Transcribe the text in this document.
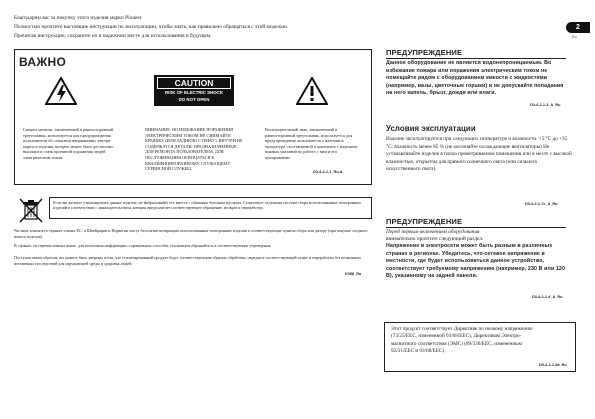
Благодарим вас за покупку этого изделия марки Pioneer.
Полностью прочтите настоящие инструкции по эксплуатации, чтобы знать, как правильно обращаться с этой моделью.
Прочитав инструкции, сохраните их в надежном месте для использования в будущем.
2
Ru
ВАЖНО
CAUTION
RISK OF ELECTRIC SHOCK
DO NOT OPEN
Символ молнии, заключенный в равносторонний треугольник, используется для предупреждения пользователя об «опасном напряжении» внутри корпуса изделия, которое может быть достаточно высоким и стать причиной поражения людей электрическим током.
ВНИМАНИЕ: ВО ИЗБЕЖАНИЕ ПОРАЖЕНИЯ ЭЛЕКТРИЧЕСКИМ ТОКОМ НЕ СНИМАЙТЕ КРЫШКУ (ИЛИ ЗАДНЮЮ СТЕНКУ). ВНУТРИ НЕ СОДЕРЖАТСЯ ДЕТАЛИ, ПРЕДНАЗНАЧЕННЫЕ ДЛЯ РЕМОНТА ПОЛЬЗОВАТЕЛЕМ. ДЛЯ ОБСЛУЖИВАНИЯ ОБРАЩАТЬСЯ К КВАЛИФИЦИРОВАННОМУ СЛУЖАЩЕМУ СЕРВИСНОЙ СЛУЖБЫ.
Восклицательный знак, заключенный в равносторонний треугольник, используется для предупреждения пользователя о наличии в литературе, поставляемой в комплекте с изделием, важных указаний по работе с ним и его купированию.
D3-4-2-1-1_Ru-A
Если вы желаете утилизировать данное изделие, не выбрасывайте его вместе с обычным бытовым мусором. Существует отдельная система сбора использованных электронных изделий в соответствии с законодательством, которая предполагает соответствующее обращение, возврат и переработку.
Частные клиенты в странах-членах ЕС, в Швейцарии и Норвегии могут бесплатно возвращать использованные электронные изделия в соответствующие пункты сбора или дилеру (при покупке сходного нового изделия).
В странах, не перечисленных выше, для получения информации о правильных способах утилизации обращайтесь в соответствующие учреждения.
Поступая таким образом, вы можете быть уверены в том, что утилизированный продукт будет соответствующим образом обработан, передан в соответствующий пункт и переработан без возможных негативных последствий для окружающей среды и здоровья людей.
K058_Ru
ПРЕДУПРЕЖДЕНИЕ
Данное оборудование не является водонепроницаемым. Во избежание пожара или поражения электрическим током не помещайте рядом с оборудованием емкости с жидкостями (например, вазы, цветочные горшки) и не допускайте попадания на него капель, брызг, дождя или влаги.
D3-4-2-1-3_A_Ru
Условия эксплуатации
Изделие эксплуатируется при следующих температуре и влажности: +5 °C до +35 °C; влажность менее 85 % (не заслоняйте охлаждающие вентиляторы) Не устанавливайте изделие в плохо проветриваемом помещении или в месте с высокой влажностью, открытом для прямого солнечного света (или сильного искусственного света).
D3-4-2-1-7c_A_Ru
ПРЕДУПРЕЖДЕНИЕ
Перед первым включением оборудования
внимательно прочтите следующий раздел.
Напряжение в электросети может быть разным в различных странах и регионах. Убедитесь, что сетевое напряжение в местности, где будет использоваться данное устройство, соответствует требуемому напряжению (например, 230 В или 120 В), указанному на задней панели.
D3-4-2-1-4_A_Ru
Этот продукт соответствует Директиве по низкому напряжению (73/23/EEC, измененной 93/68/EEC), Директивам Электро-магнитного соответствия (ЭМС) (89/336/EEC, измененным 92/31/EEC и 93/68/EEC).
D3-4-2-1-9a_Ru
